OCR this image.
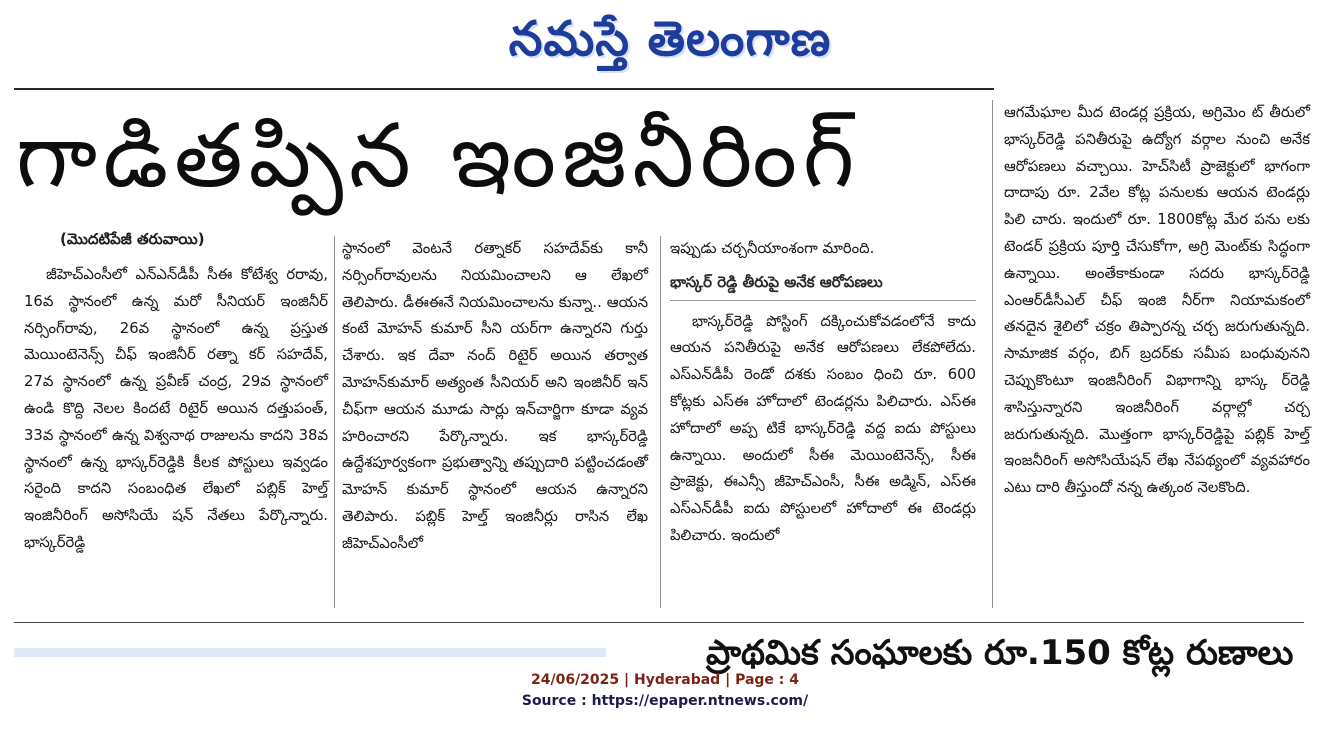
నమస్తే తెలంగాణ
గాడితప్పిన ఇంజినీరింగ్
(మొదటిపేజీ తరువాయి)

జీహెచ్‌ఎంసీలో ఎన్‌ఎన్‌డీపీ సీఈ కోటేశ్వ రరావు, 16వ స్థానంలో ఉన్న మరో సీనియర్ ఇంజినీర్ నర్సింగ్‌రావు, 26వ స్థానంలో ఉన్న ప్రస్తుత మెయింటెనెన్స్ చీఫ్ ఇంజినీర్ రత్నా కర్ సహదేవ్, 27వ స్థానంలో ఉన్న ప్రవీణ్ చంద్ర, 29వ స్థానంలో ఉండి కొద్ది నెలల కిందటే రిటైర్ అయిన దత్తుపంత్, 33వ స్థానంలో ఉన్న విశ్వనాథ రాజులను కాదని 38వ స్థానంలో ఉన్న భాస్కర్‌రెడ్డికి కీలక పోస్టులు ఇవ్వడం సరైంది కాదని సంబంధిత లేఖలో పబ్లిక్ హెల్త్ ఇంజినీరింగ్ అసోసియే షన్ నేతలు పేర్కొన్నారు. భాస్కర్‌రెడ్డి

స్థానంలో వెంటనే రత్నాకర్ సహదేవ్‌కు కానీ నర్సింగ్‌రావులను నియమించాలని ఆ లేఖలో తెలిపారు. డీఈఈనే నియమించాలను కున్నా.. ఆయన కంటే మోహన్ కుమార్ సీని యర్‌గా ఉన్నారని గుర్తు చేశారు. ఇక దేవా నంద్ రిటైర్ అయిన తర్వాత మోహన్‌కుమార్ అత్యంత సీనియర్ అని ఇంజినీర్ ఇన్ చీఫ్‌గా ఆయన మూడు సార్లు ఇన్‌చార్జిగా కూడా వ్యవ హరించారని పేర్కొన్నారు. ఇక భాస్కర్‌రెడ్డి ఉద్దేశపూర్వకంగా ప్రభుత్వాన్ని తప్పుదారి పట్టించడంతో మోహన్ కుమార్ స్థానంలో ఆయన ఉన్నారని తెలిపారు. పబ్లిక్ హెల్త్ ఇంజినీర్లు రాసిన లేఖ జీహెచ్‌ఎంసీలో

ఇప్పుడు చర్చనీయాంశంగా మారింది.

భాస్కర్ రెడ్డి తీరుపై అనేక ఆరోపణలు

భాస్కర్‌రెడ్డి పోస్టింగ్ దక్కించుకోవడంలోనే కాదు ఆయన పనితీరుపై అనేక ఆరోపణలు లేకపోలేదు. ఎస్‌ఎన్‌డీపీ రెండో దశకు సంబం ధించి రూ. 600 కోట్లకు ఎస్‌ఈ హోదాలో టెండర్లను పిలిచారు. ఎస్‌ఈ హోదాలో అప్ప టికే భాస్కర్‌రెడ్డి వద్ద ఐదు పోస్టులు ఉన్నాయి. అందులో సీఈ మెయింటెనెన్స్, సీఈ ప్రాజెక్టు, ఈఎన్సీ జీహెచ్‌ఎంసీ, సీఈ అడ్మిన్, ఎస్‌ఈ ఎస్‌ఎన్‌డీపీ ఐదు పోస్టులలో హోదాలో ఈ టెండర్లు పిలిచారు. ఇందులో

ఆగమేఘాల మీద టెండర్ల ప్రక్రియ, అగ్రిమెం ట్ తీరులో భాస్కర్‌రెడ్డి పనితీరుపై ఉద్యోగ వర్గాల నుంచి అనేక ఆరోపణలు వచ్చాయి. హెచ్‌సిటీ ప్రాజెక్టులో భాగంగా దాదాపు రూ. 2వేల కోట్ల పనులకు ఆయన టెండర్లు పిలి చారు. ఇందులో రూ. 1800కోట్ల మేర పను లకు టెండర్ ప్రక్రియ పూర్తి చేసుకోగా, అగ్రి మెంట్‌కు సిద్ధంగా ఉన్నాయి. అంతేకాకుండా సదరు భాస్కర్‌రెడ్డి ఎంఆర్‌డీసీఎల్ చీఫ్ ఇంజి నీర్‌గా నియామకంలో తనదైన శైలిలో చక్రం తిప్పారన్న చర్చ జరుగుతున్నది. సామాజిక వర్గం, బిగ్ బ్రదర్‌కు సమీప బంధువునని చెప్పుకొంటూ ఇంజినీరింగ్ విభాగాన్ని భాస్క ర్‌రెడ్డి శాసిస్తున్నారని ఇంజినీరింగ్ వర్గాల్లో చర్చ జరుగుతున్నది. మొత్తంగా భాస్కర్‌రెడ్డిపై పబ్లిక్ హెల్త్ ఇంజనీరింగ్ అసోసియేషన్ లేఖ నేపథ్యంలో వ్యవహారం ఎటు దారి తీస్తుందో నన్న ఉత్కంఠ నెలకొంది.

ప్రాథమిక సంఘాలకు రూ.150 కోట్ల రుణాలు
24/06/2025 | Hyderabad | Page : 4
Source : https://epaper.ntnews.com/
